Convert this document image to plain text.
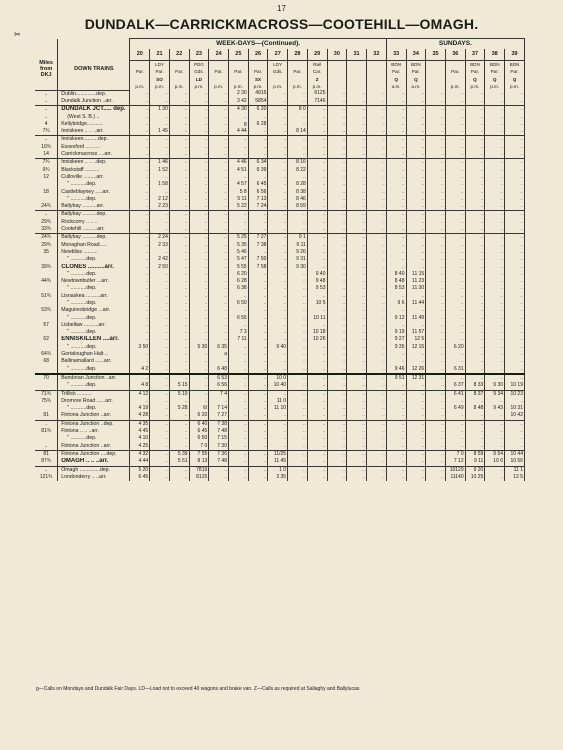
17
✂
DUNDALK—CARRICKMACROSS—COOTEHILL—OMAGH.
		WEEK-DAYS—(Continued).													SUNDAYS.						
Miles from DKJ	DOWN TRAINS	20	21	22	23	24	25	26	27	28	29	30	31	32	33	34	35	36	37	38	39
			LDY		PDG				LDY		Rail				BDN	BDN			BDN	BDN	BDN
		Par.	Par.	Par.	Gds.	Par.	Par.	Par.	Gds.	Par.	Car.				Par.	Par.		Par.	Par.	Par.	Par.
			SO		LD			SX			Z				Q	Q			Q	Q	Q
		p.m.	p.m.	p.m.	p.m.	p.m.	p.m.	p.m.	p.m.	p.m.	p.m.				a.m.	a.m.		p.m.	p.m.	p.m.	p.m.
..	Dublin..............dep.	..	..	..	..	..	2 30	4915	..	..	6125	..	..	..	..	..	..	..	..	..	..
..	Dundalk Junction ..arr.	..	..	..	..	..	3 42	5854	..	..	7146	..	..	..	..	..	..	..	..	..	..
..	DUNDALK JCT..... dep.	..	1 30	..	..	..	4 30	6 20	..	8 0	..	..	..	..	..	..	..	..	..	..	..
..	(West S. B.) ..	..	..	..	..	..	..	..	..	..	..	..	..	..	..	..	..	..	..	..	..
4	Kellybridge...........	..	..	..	..	..	g	6 28	..	..	..	..	..	..	..	..	..	..	..	..	..
7¾	Inniskeen .. .. ..arr.	..	1 45	..	..	..	4 44	..	..	8 14	..	..	..	..	..	..	..	..	..	..	..
..	Inniskeen..........dep.	..	..	..	..	..	..	..	..	..	..	..	..	..	..	..	..	..	..	..	..
10¾	Essexford ..........	..	..	..	..	..	..	..	..	..	..	..	..	..	..	..	..	..	..	..	..
14	Carrickmacross ....arr.	..	..	..	..	..	..	..	..	..	..	..	..	..	..	..	..	..	..	..	..
7¾	Inniskeen .. .. ..dep.	..	1 46	..	..	..	4 46	6 34	..	8 16	..	..	..	..	..	..	..	..	..	..	..
9¾	Blackstaff ..........	..	1 52	..	..	..	4 51	6 39	..	8 22	..	..	..	..	..	..	..	..	..	..	..
12	Culloville .........arr.	..	..	..	..	..	..	..	..	..	..	..	..	..	..	..	..	..	..	..	..
	" ...........dep.	..	1 58	..	..	..	4 57	6 45	..	8 28	..	..	..	..	..	..	..	..	..	..	..
18	Castleblayney .....arr.	..	..	..	..	..	5 8	6 56	..	8 38	..	..	..	..	..	..	..	..	..	..	..
	" ...........dep.	..	2 12	..	..	..	5 11	7 13	..	8 46	..	..	..	..	..	..	..	..	..	..	..
24¾	Ballybay ..........arr.	..	2 23	..	..	..	5 22	7 24	..	8 59	..	..	..	..	..	..	..	..	..	..	..
..	Ballybay ..........dep.	..	..	..	..	..	..	..	..	..	..	..	..	..	..	..	..	..	..	..	..
29¾	Rockcorry .. .. ..	..	..	..	..	..	..	..	..	..	..	..	..	..	..	..	..	..	..	..	..
33¾	Cootehill ..........arr.	..	..	..	..	..	..	..	..	..	..	..	..	..	..	..	..	..	..	..	..
24¾	Ballybay ..........dep.	..	2 24	..	..	..	5 25	7 27	..	9 1	..	..	..	..	..	..	..	..	..	..	..
29¾	Monaghan Road.....	..	2 33	..	..	..	5 35	7 38	..	9 11	..	..	..	..	..	..	..	..	..	..	..
35	Newbliss ..........	..	..	..	..	..	5 46	..	..	9 26	..	..	..	..	..	..	..	..	..	..	..
	" ...........dep.	..	2 42	..	..	..	5 47	7 50	..	9 31	..	..	..	..	..	..	..	..	..	..	..
39¾	CLONES ..........arr.	..	2 50	..	..	..	5 55	7 58	..	9 30	..	..	..	..	..	..	..	..	..	..	..
	" ...........dep.	..	..	..	..	..	6 20	..	..	..	9 40	..	..	..	8 40	11 15	..	..	..	..	..
44¾	Newtownbutler ...arr.	..	..	..	..	..	6 28	..	..	..	9 48	..	..	..	8 48	11 23	..	..	..	..	..
	" ...........dep.	..	..	..	..	..	6 38	..	..	..	9 53	..	..	..	8 53	11 30	..	..	..	..	..
51¾	Lisnaskea ..........arr.	..	..	..	..	..	..	..	..	..	..	..	..	..	..	..	..	..	..	..	..
	" ...........dep.	..	..	..	..	..	6 50	..	..	..	10 5	..	..	..	9 6	11 44	..	..	..	..	..
53¾	Maguiresbridge ...arr.	..	..	..	..	..	..	..	..	..	..	..	..	..	..	..	..	..	..	..	..
	" ...........dep.	..	..	..	..	..	6 56	..	..	..	10 11	..	..	..	9 12	11 49	..	..	..	..	..
57	Lisbellaw ..........arr.	..	..	..	..	..	..	..	..	..	..	..	..	..	..	..	..	..	..	..	..
	" ...........dep.	..	..	..	..	..	7 3	..	..	..	10 18	..	..	..	9 19	11 57	..	..	..	..	..
62	ENNISKILLEN ....arr.	..	..	..	..	..	7 11	..	..	..	10 26	..	..	..	9 27	12 5	..	..	..	..	..
	" ...........dep.	3 50	..	..	5 30	6 35	..	..	9 40	..	..	..	..	..	9 35	12 15	..	6 20	..	..	..
64¾	Gortaloughan Halt ..	..	..	..	..	a	..	..	..	..	..	..	..	..	..	..	..	..	..	..	..
68	Ballinamallard ......arr.	..	..	..	..	..	..	..	..	..	..	..	..	..	..	..	..	..	..	..	..
	" ...........dep.	4 2	..	..	..	6 48	..	..	..	..	..	..	..	..	9 46	12 26	..	6 31	..	..	..
70	Bundoran Junction ..arr.	..	..	..	..	6 53	..	..	10 0	..	..	..	..	..	9 51	12 31	..	..	..	..	..
	" ...........dep.	4 8	..	5 15	..	6 56	..	..	10 40	..	..	..	..	..	..	..	..	6 37	8 33	9 30	10 19
71¾	Trillick ..........	4 12	..	5 19	..	7 4	..	..	..	..	..	..	..	..	..	..	..	6 41	8 37	9 34	10 23
75¾	Dromore Road ......arr.	..	..	..	..	..	..	..	11 0	..	..	..	..	..	..	..	..	..	..	..	..
	" ...........dep.	4 19	..	5 28	6/	7 14	..	..	11 10	..	..	..	..	..	..	..	..	6 49	8 48	9 43	10 31
81	Fintona Junction ..arr.	4 28	..	..	6 20	7 27	..	..	..	..	..	..	..	..	..	..	..	..	..	..	10 42
..	Fintona Junction ..dep.	4 35	..	..	6 40	7 38	..	..	..	..	..	..	..	..	..	..	..	..	..	..	..
81¾	Fintona .. .. ..arr.	4 45	..	..	6 45	7 48	..	..	..	..	..	..	..	..	..	..	..	..	..	..	..
	" ...........dep.	4 10	..	..	6 50	7 15	..	..	..	..	..	..	..	..	..	..	..	..	..	..	..
..	Fintona Junction ..arr.	4 25	..	..	7 0	7 30	..	..	..	..	..	..	..	..	..	..	..	..	..	..	..
81	Fintona Junction ....dep.	4 32	..	5 39	7 55	7 36	..	..	11/25	..	..	..	..	..	..	..	..	7 0	8 59	9 54	10 44
87¾	OMAGH .. .. ..arr.	4 44	..	5 51	8 13	7 48	..	..	11 45	..	..	..	..	..	..	..	..	7 12	9 11	10 6	10 56
..	Omagh ..............dep.	5 20	..	..	7819	..	..	..	1 0	..	..	..	..	..	..	..	..	10129	9 20	..	11 1
121¾	Londonderry .. ..arr.	6 45	..	..	8125	..	..	..	3 35	..	..	..	..	..	..	..	..	11140	10 25	..	12 5
g—Calls on Mondays and Dundalk Fair Days. LD—Load not to exceed 40 wagons and brake van. Z—Calls as required at Sallaghy and Ballylucas.
